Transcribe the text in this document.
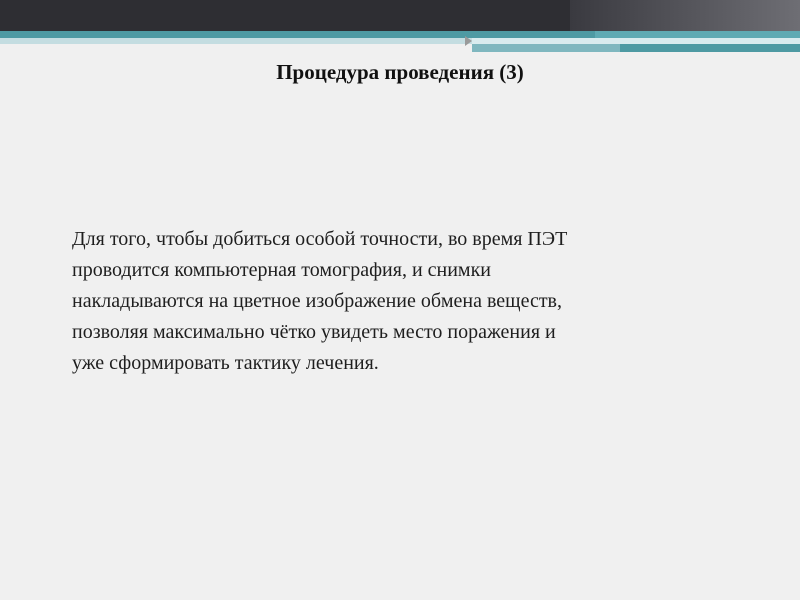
Процедура проведения (3)
Для того, чтобы добиться особой точности, во время ПЭТ
проводится компьютерная томография, и снимки
накладываются на цветное изображение обмена веществ,
позволяя максимально чётко увидеть место поражения и
уже сформировать тактику лечения.
